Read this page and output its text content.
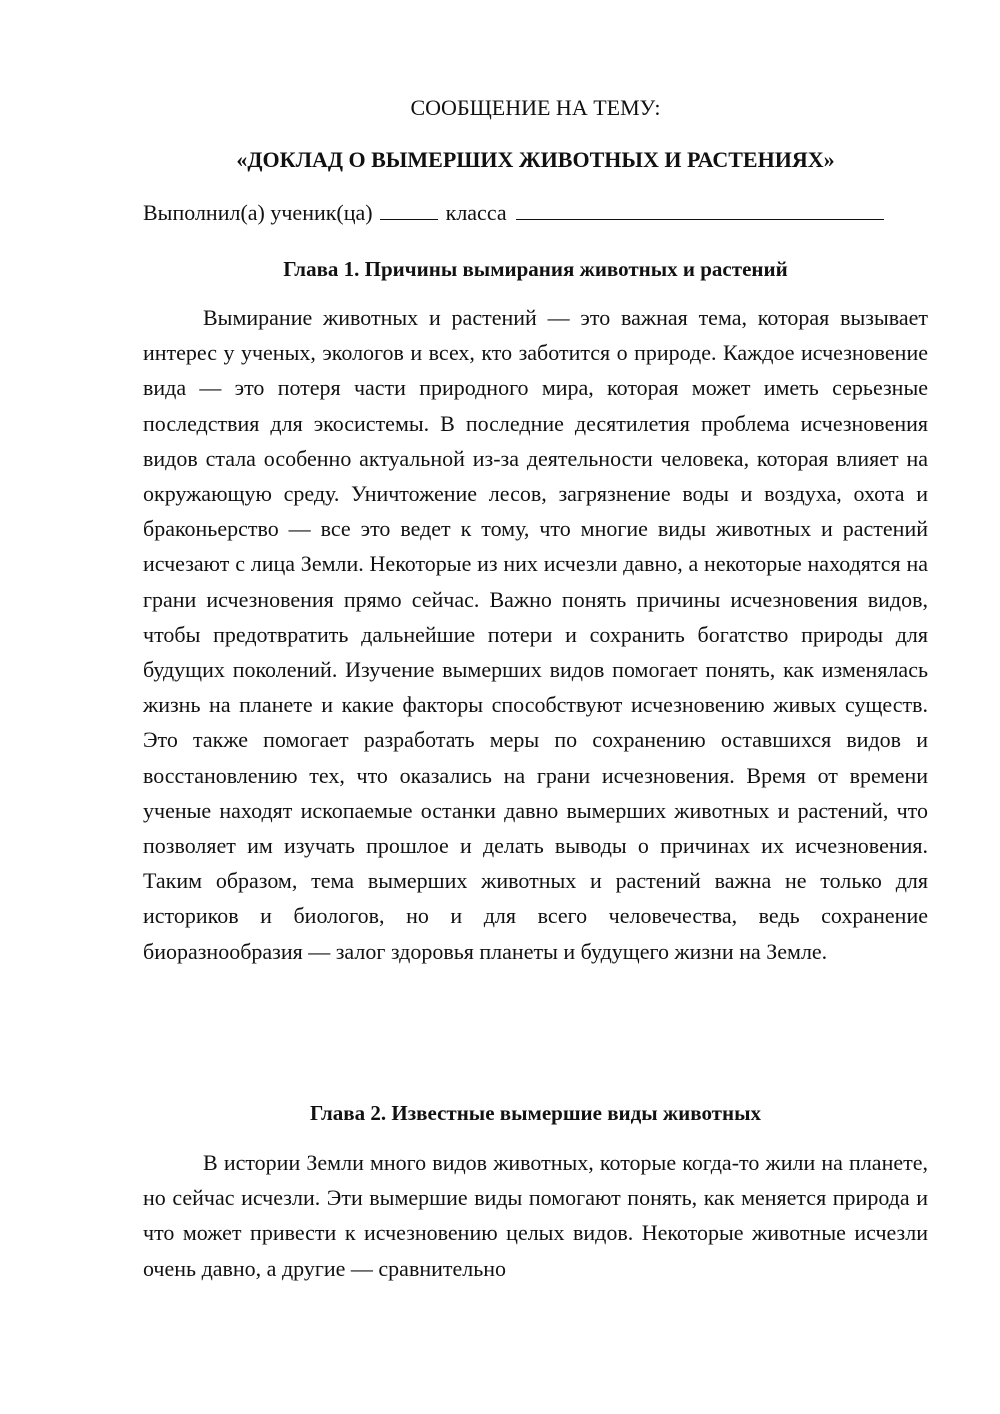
СООБЩЕНИЕ НА ТЕМУ:

«ДОКЛАД О ВЫМЕРШИХ ЖИВОТНЫХ И РАСТЕНИЯХ»

Выполнил(а) ученик(ца)	класса
Глава 1. Причины вымирания животных и растений

Вымирание животных и растений — это важная тема, которая вызывает интерес у ученых, экологов и всех, кто заботится о природе. Каждое исчезновение вида — это потеря части природного мира, которая может иметь серьезные последствия для экосистемы. В последние десятилетия проблема исчезновения видов стала особенно актуальной из-за деятельности человека, которая влияет на окружающую среду. Уничтожение лесов, загрязнение воды и воздуха, охота и браконьерство — все это ведет к тому, что многие виды животных и растений исчезают с лица Земли. Некоторые из них исчезли давно, а некоторые находятся на грани исчезновения прямо сейчас. Важно понять причины исчезновения видов, чтобы предотвратить дальнейшие потери и сохранить богатство природы для будущих поколений. Изучение вымерших видов помогает понять, как изменялась жизнь на планете и какие факторы способствуют исчезновению живых существ. Это также помогает разработать меры по сохранению оставшихся видов и восстановлению тех, что оказались на грани исчезновения. Время от времени ученые находят ископаемые останки давно вымерших животных и растений, что позволяет им изучать прошлое и делать выводы о причинах их исчезновения. Таким образом, тема вымерших животных и растений важна не только для историков и биологов, но и для всего человечества, ведь сохранение биоразнообразия — залог здоровья планеты и будущего жизни на Земле.

Глава 2. Известные вымершие виды животных

В истории Земли много видов животных, которые когда-то жили на планете, но сейчас исчезли. Эти вымершие виды помогают понять, как меняется природа и что может привести к исчезновению целых видов. Некоторые животные исчезли очень давно, а другие — сравнительно
